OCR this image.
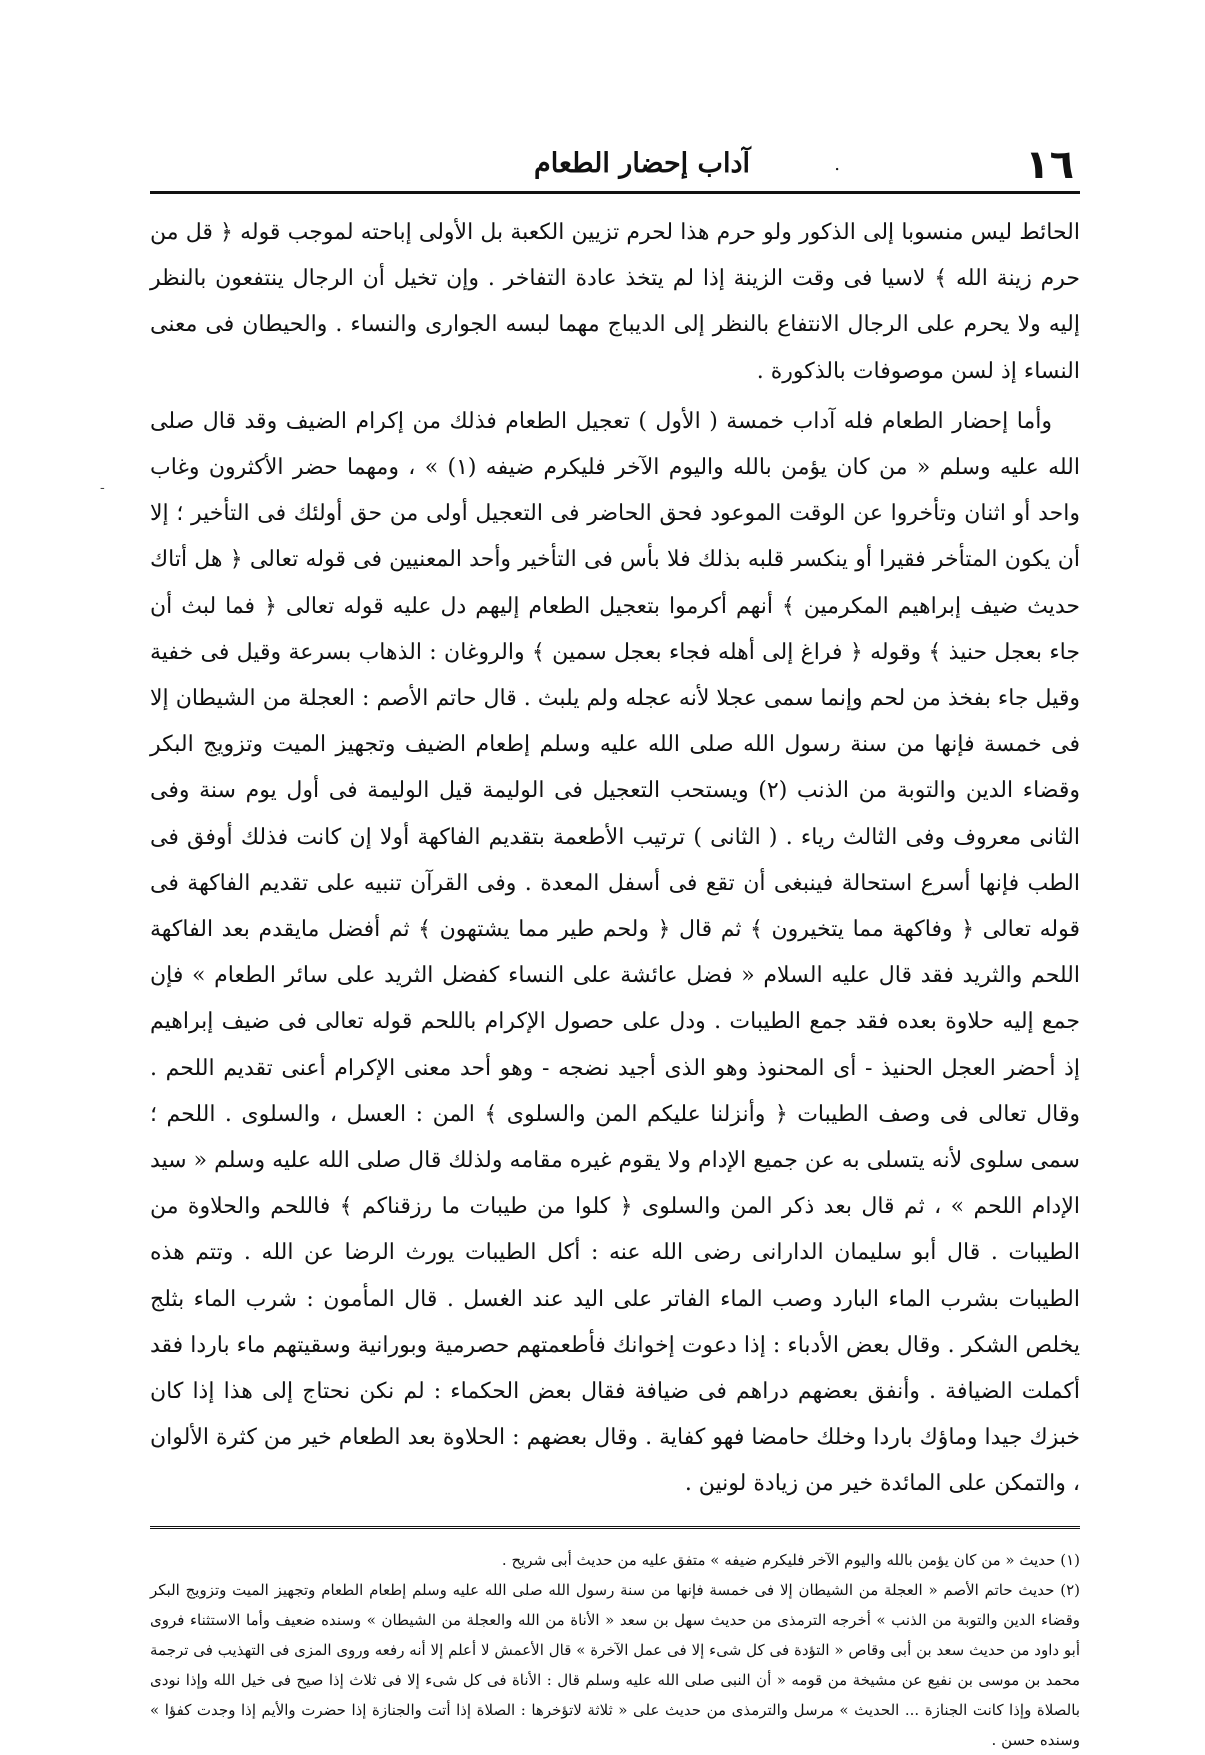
-
١٦
آداب إحضار الطعام	.

الحائط ليس منسوبا إلى الذكور ولو حرم هذا لحرم تزيين الكعبة بل الأولى إباحته لموجب قوله ﴿ قل من حرم زينة الله ﴾ لاسيا فى وقت الزينة إذا لم يتخذ عادة التفاخر . وإن تخيل أن الرجال ينتفعون بالنظر إليه ولا يحرم على الرجال الانتفاع بالنظر إلى الديباج مهما لبسه الجوارى والنساء . والحيطان فى معنى النساء إذ لسن موصوفات بالذكورة .

وأما إحضار الطعام فله آداب خمسة ( الأول ) تعجيل الطعام فذلك من إكرام الضيف وقد قال صلى الله عليه وسلم « من كان يؤمن بالله واليوم الآخر فليكرم ضيفه (١) » ، ومهما حضر الأكثرون وغاب واحد أو اثنان وتأخروا عن الوقت الموعود فحق الحاضر فى التعجيل أولى من حق أولئك فى التأخير ؛ إلا أن يكون المتأخر فقيرا أو ينكسر قلبه بذلك فلا بأس فى التأخير وأحد المعنيين فى قوله تعالى ﴿ هل أتاك حديث ضيف إبراهيم المكرمين ﴾ أنهم أكرموا بتعجيل الطعام إليهم دل عليه قوله تعالى ﴿ فما لبث أن جاء بعجل حنيذ ﴾ وقوله ﴿ فراغ إلى أهله فجاء بعجل سمين ﴾ والروغان : الذهاب بسرعة وقيل فى خفية وقيل جاء بفخذ من لحم وإنما سمى عجلا لأنه عجله ولم يلبث . قال حاتم الأصم : العجلة من الشيطان إلا فى خمسة فإنها من سنة رسول الله صلى الله عليه وسلم إطعام الضيف وتجهيز الميت وتزويج البكر وقضاء الدين والتوبة من الذنب (٢) ويستحب التعجيل فى الوليمة قيل الوليمة فى أول يوم سنة وفى الثانى معروف وفى الثالث رياء . ( الثانى ) ترتيب الأطعمة بتقديم الفاكهة أولا إن كانت فذلك أوفق فى الطب فإنها أسرع استحالة فينبغى أن تقع فى أسفل المعدة . وفى القرآن تنبيه على تقديم الفاكهة فى قوله تعالى ﴿ وفاكهة مما يتخيرون ﴾ ثم قال ﴿ ولحم طير مما يشتهون ﴾ ثم أفضل مايقدم بعد الفاكهة اللحم والثريد فقد قال عليه السلام « فضل عائشة على النساء كفضل الثريد على سائر الطعام » فإن جمع إليه حلاوة بعده فقد جمع الطيبات . ودل على حصول الإكرام باللحم قوله تعالى فى ضيف إبراهيم إذ أحضر العجل الحنيذ - أى المحنوذ وهو الذى أجيد نضجه - وهو أحد معنى الإكرام أعنى تقديم اللحم . وقال تعالى فى وصف الطيبات ﴿ وأنزلنا عليكم المن والسلوى ﴾ المن : العسل ، والسلوى . اللحم ؛ سمى سلوى لأنه يتسلى به عن جميع الإدام ولا يقوم غيره مقامه ولذلك قال صلى الله عليه وسلم « سيد الإدام اللحم » ، ثم قال بعد ذكر المن والسلوى ﴿ كلوا من طيبات ما رزقناكم ﴾ فاللحم والحلاوة من الطيبات . قال أبو سليمان الدارانى رضى الله عنه : أكل الطيبات يورث الرضا عن الله . وتتم هذه الطيبات بشرب الماء البارد وصب الماء الفاتر على اليد عند الغسل . قال المأمون : شرب الماء بثلج يخلص الشكر . وقال بعض الأدباء : إذا دعوت إخوانك فأطعمتهم حصرمية وبورانية وسقيتهم ماء باردا فقد أكملت الضيافة . وأنفق بعضهم دراهم فى ضيافة فقال بعض الحكماء : لم نكن نحتاج إلى هذا إذا كان خبزك جيدا وماؤك باردا وخلك حامضا فهو كفاية . وقال بعضهم : الحلاوة بعد الطعام خير من كثرة الألوان ، والتمكن على المائدة خير من زيادة لونين .

(١) حديث « من كان يؤمن بالله واليوم الآخر فليكرم ضيفه » متفق عليه من حديث أبى شريح .

(٢) حديث حاتم الأصم « العجلة من الشيطان إلا فى خمسة فإنها من سنة رسول الله صلى الله عليه وسلم إطعام الطعام وتجهيز الميت وتزويج البكر وقضاء الدين والتوبة من الذنب » أخرجه الترمذى من حديث سهل بن سعد « الأناة من الله والعجلة من الشيطان » وسنده ضعيف وأما الاستثناء فروى أبو داود من حديث سعد بن أبى وقاص « التؤدة فى كل شىء إلا فى عمل الآخرة » قال الأعمش لا أعلم إلا أنه رفعه وروى المزى فى التهذيب فى ترجمة محمد بن موسى بن نفيع عن مشيخة من قومه « أن النبى صلى الله عليه وسلم قال : الأناة فى كل شىء إلا فى ثلاث إذا صيح فى خيل الله وإذا نودى بالصلاة وإذا كانت الجنازة ... الحديث » مرسل والترمذى من حديث على « ثلاثة لاتؤخرها : الصلاة إذا أتت والجنازة إذا حضرت والأيم إذا وجدت كفؤا » وسنده حسن .
